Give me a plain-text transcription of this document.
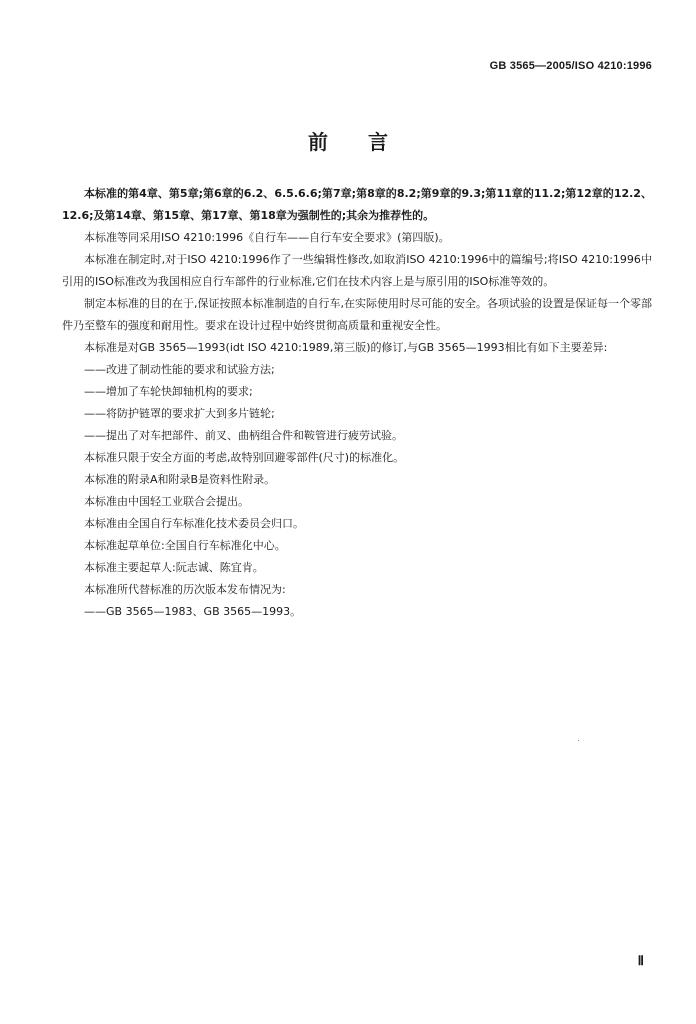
GB 3565—2005/ISO 4210:1996
前言

本标准的第4章、第5章;第6章的6.2、6.5.6.6;第7章;第8章的8.2;第9章的9.3;第11章的11.2;第12章的12.2、12.6;及第14章、第15章、第17章、第18章为强制性的;其余为推荐性的。

本标准等同采用ISO 4210:1996《自行车——自行车安全要求》(第四版)。

本标准在制定时,对于ISO 4210:1996作了一些编辑性修改,如取消ISO 4210:1996中的篇编号;将ISO 4210:1996中引用的ISO标准改为我国相应自行车部件的行业标准,它们在技术内容上是与原引用的ISO标准等效的。

制定本标准的目的在于,保证按照本标准制造的自行车,在实际使用时尽可能的安全。各项试验的设置是保证每一个零部件乃至整车的强度和耐用性。要求在设计过程中始终贯彻高质量和重视安全性。

本标准是对GB 3565—1993(idt ISO 4210:1989,第三版)的修订,与GB 3565—1993相比有如下主要差异:

——改进了制动性能的要求和试验方法;

——增加了车轮快卸轴机构的要求;

——将防护链罩的要求扩大到多片链轮;

——提出了对车把部件、前叉、曲柄组合件和鞍管进行疲劳试验。

本标准只限于安全方面的考虑,故特别回避零部件(尺寸)的标准化。

本标准的附录A和附录B是资料性附录。

本标准由中国轻工业联合会提出。

本标准由全国自行车标准化技术委员会归口。

本标准起草单位:全国自行车标准化中心。

本标准主要起草人:阮志诚、陈宜肯。

本标准所代替标准的历次版本发布情况为:

——GB 3565—1983、GB 3565—1993。

Ⅱ
